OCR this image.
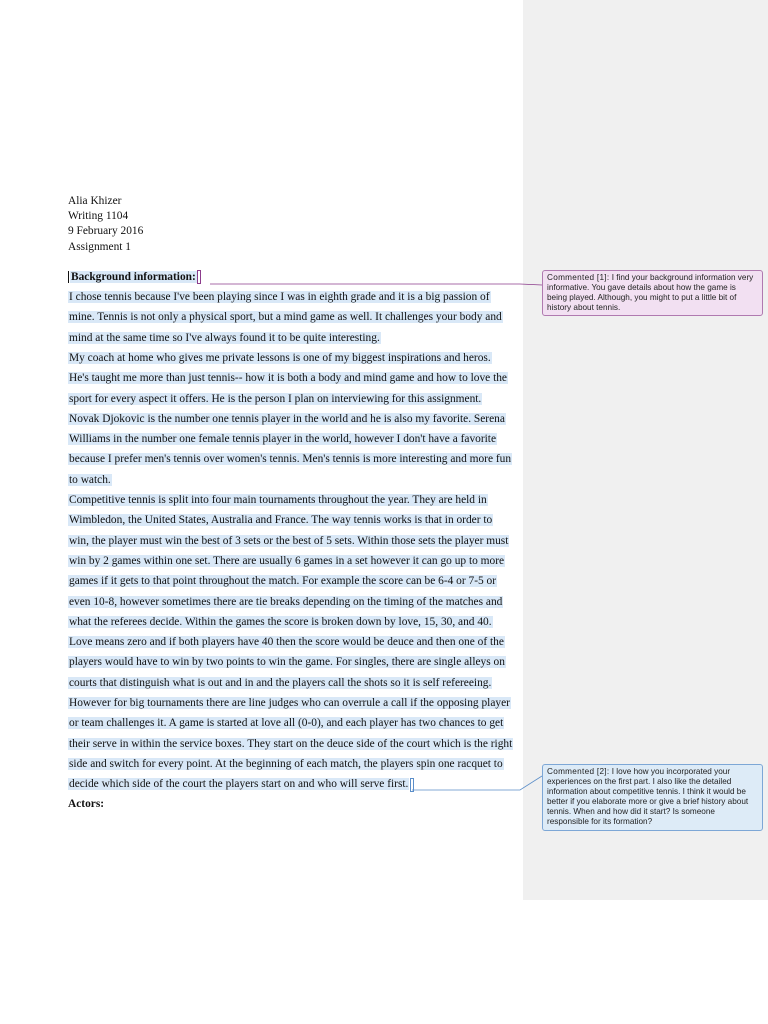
Alia Khizer
Writing 1104
9 February 2016
Assignment 1
Background information:
I chose tennis because I've been playing since I was in eighth grade and it is a big passion of
mine. Tennis is not only a physical sport, but a mind game as well. It challenges your body and
mind at the same time so I've always found it to be quite interesting.
My coach at home who gives me private lessons is one of my biggest inspirations and heros.
He's taught me more than just tennis-- how it is both a body and mind game and how to love the
sport for every aspect it offers. He is the person I plan on interviewing for this assignment.
Novak Djokovic is the number one tennis player in the world and he is also my favorite. Serena
Williams in the number one female tennis player in the world, however I don't have a favorite
because I prefer men's tennis over women's tennis. Men's tennis is more interesting and more fun
to watch.
Competitive tennis is split into four main tournaments throughout the year. They are held in
Wimbledon, the United States, Australia and France. The way tennis works is that in order to
win, the player must win the best of 3 sets or the best of 5 sets. Within those sets the player must
win by 2 games within one set. There are usually 6 games in a set however it can go up to more
games if it gets to that point throughout the match. For example the score can be 6-4 or 7-5 or
even 10-8, however sometimes there are tie breaks depending on the timing of the matches and
what the referees decide. Within the games the score is broken down by love, 15, 30, and 40.
Love means zero and if both players have 40 then the score would be deuce and then one of the
players would have to win by two points to win the game. For singles, there are single alleys on
courts that distinguish what is out and in and the players call the shots so it is self refereeing.
However for big tournaments there are line judges who can overrule a call if the opposing player
or team challenges it. A game is started at love all (0-0), and each player has two chances to get
their serve in within the service boxes. They start on the deuce side of the court which is the right
side and switch for every point. At the beginning of each match, the players spin one racquet to
decide which side of the court the players start on and who will serve first.
Actors:
Commented [1]: I find your background information very informative. You gave details about how the game is being played. Although, you might to put a little bit of history about tennis.
Commented [2]: I love how you incorporated your experiences on the first part. I also like the detailed information about competitive tennis. I think it would be better if you elaborate more or give a brief history about tennis. When and how did it start? Is someone responsible for its formation?
